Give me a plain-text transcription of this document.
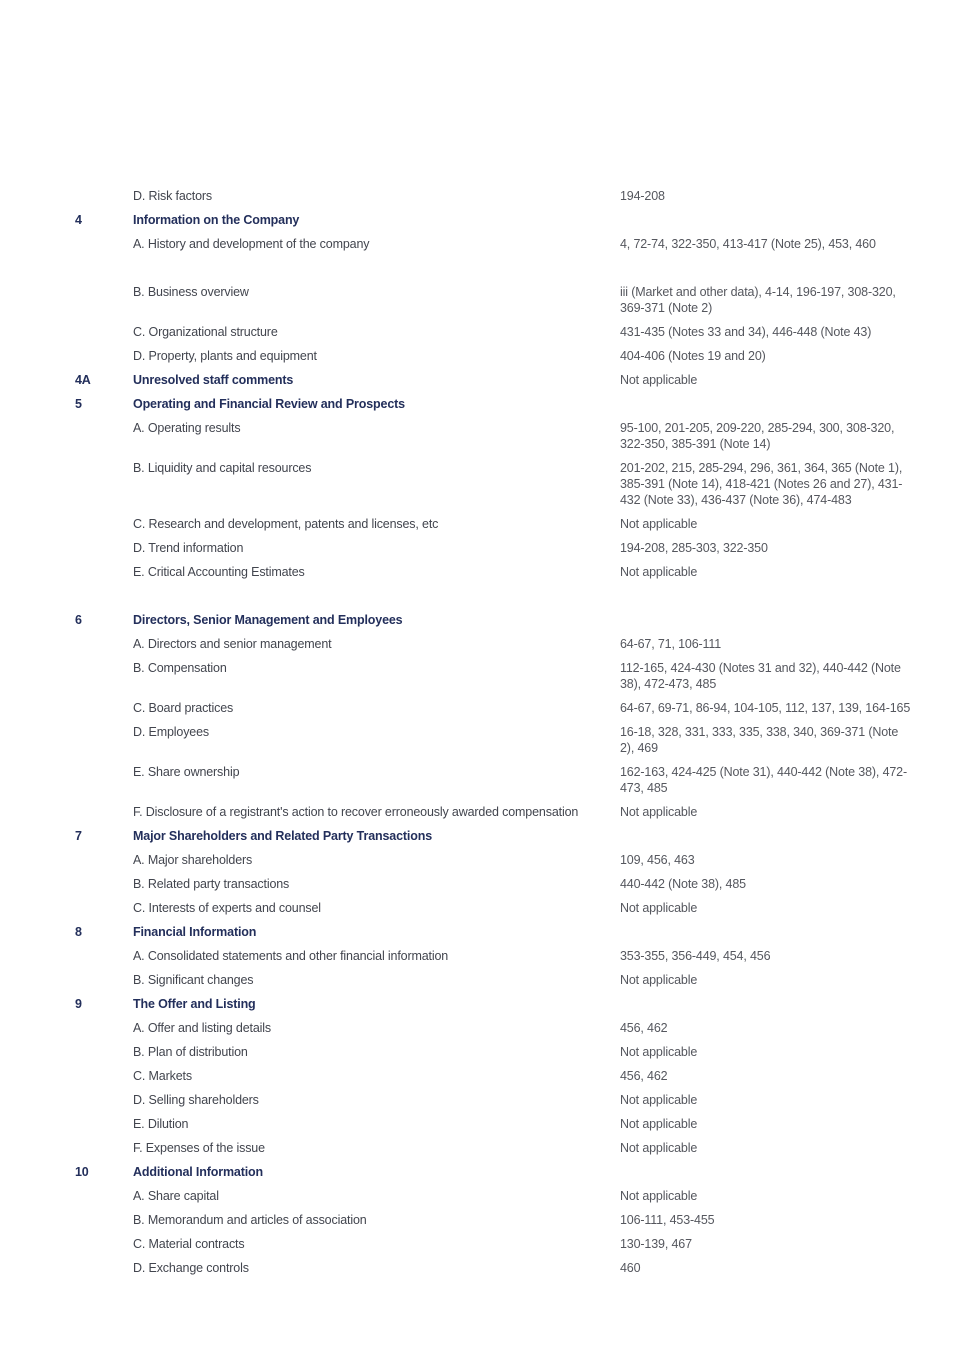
D. Risk factors	194-208
4	Information on the Company
A. History and development of the company	4, 72-74, 322-350, 413-417 (Note 25), 453, 460
B. Business overview	iii (Market and other data), 4-14, 196-197, 308-320, 369-371 (Note 2)
C. Organizational structure	431-435 (Notes 33 and 34), 446-448 (Note 43)
D. Property, plants and equipment	404-406 (Notes 19 and 20)
4A	Unresolved staff comments	Not applicable
5	Operating and Financial Review and Prospects
A. Operating results	95-100, 201-205, 209-220, 285-294, 300, 308-320, 322-350, 385-391 (Note 14)
B. Liquidity and capital resources	201-202, 215, 285-294, 296, 361, 364, 365 (Note 1), 385-391 (Note 14), 418-421 (Notes 26 and 27), 431-432 (Note 33), 436-437 (Note 36), 474-483
C. Research and development, patents and licenses, etc	Not applicable
D. Trend information	194-208, 285-303, 322-350
E. Critical Accounting Estimates	Not applicable
6	Directors, Senior Management and Employees
A. Directors and senior management	64-67, 71, 106-111
B. Compensation	112-165, 424-430 (Notes 31 and 32), 440-442 (Note 38), 472-473, 485
C. Board practices	64-67, 69-71, 86-94, 104-105, 112, 137, 139, 164-165
D. Employees	16-18, 328, 331, 333, 335, 338, 340, 369-371 (Note 2), 469
E. Share ownership	162-163, 424-425 (Note 31), 440-442 (Note 38), 472-473, 485
F. Disclosure of a registrant's action to recover erroneously awarded compensation	Not applicable
7	Major Shareholders and Related Party Transactions
A. Major shareholders	109, 456, 463
B. Related party transactions	440-442 (Note 38), 485
C. Interests of experts and counsel	Not applicable
8	Financial Information
A. Consolidated statements and other financial information	353-355, 356-449, 454, 456
B. Significant changes	Not applicable
9	The Offer and Listing
A. Offer and listing details	456, 462
B. Plan of distribution	Not applicable
C. Markets	456, 462
D. Selling shareholders	Not applicable
E. Dilution	Not applicable
F. Expenses of the issue	Not applicable
10	Additional Information
A. Share capital	Not applicable
B. Memorandum and articles of association	106-111, 453-455
C. Material contracts	130-139, 467
D. Exchange controls	460
